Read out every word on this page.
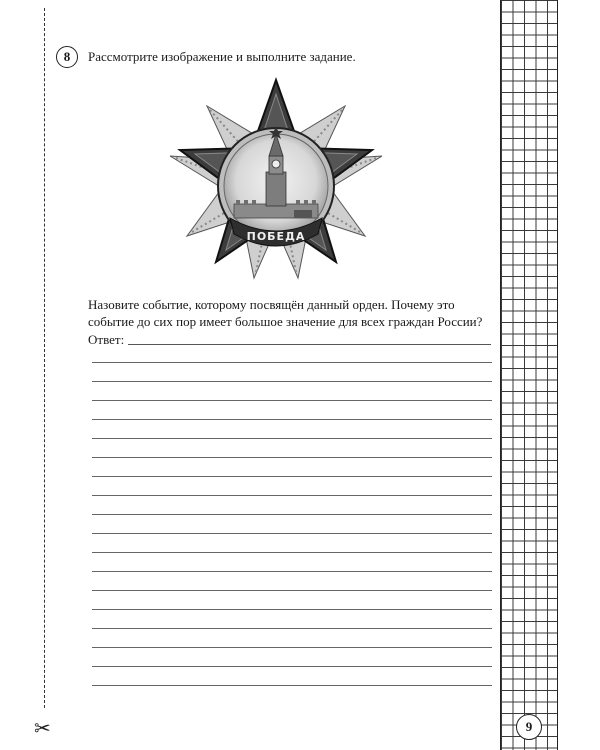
✂
8	Рассмотрите изображение и выполните задание.
ПОБЕДА
Назовите событие, которому посвящён данный орден. Почему это событие до сих пор имеет большое значение для всех граждан России?
Ответ:
9
